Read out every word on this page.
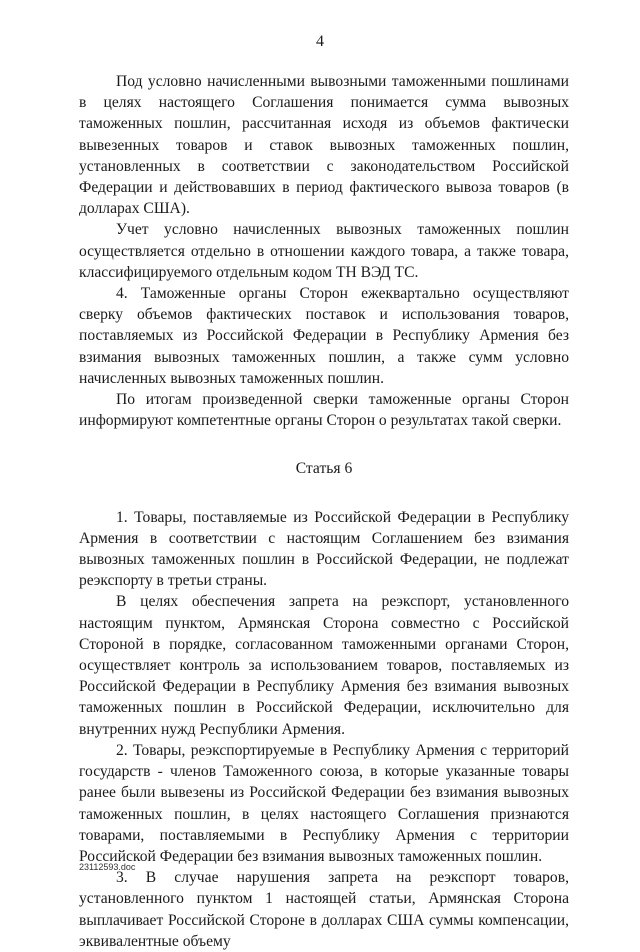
4

Под условно начисленными вывозными таможенными пошлинами в целях настоящего Соглашения понимается сумма вывозных таможенных пошлин, рассчитанная исходя из объемов фактически вывезенных товаров и ставок вывозных таможенных пошлин, установленных в соответствии с законодательством Российской Федерации и действовавших в период фактического вывоза товаров (в долларах США).

Учет условно начисленных вывозных таможенных пошлин осуществляется отдельно в отношении каждого товара, а также товара, классифицируемого отдельным кодом ТН ВЭД ТС.

4. Таможенные органы Сторон ежеквартально осуществляют сверку объемов фактических поставок и использования товаров, поставляемых из Российской Федерации в Республику Армения без взимания вывозных таможенных пошлин, а также сумм условно начисленных вывозных таможенных пошлин.

По итогам произведенной сверки таможенные органы Сторон информируют компетентные органы Сторон о результатах такой сверки.

Статья 6

1. Товары, поставляемые из Российской Федерации в Республику Армения в соответствии с настоящим Соглашением без взимания вывозных таможенных пошлин в Российской Федерации, не подлежат реэкспорту в третьи страны.

В целях обеспечения запрета на реэкспорт, установленного настоящим пунктом, Армянская Сторона совместно с Российской Стороной в порядке, согласованном таможенными органами Сторон, осуществляет контроль за использованием товаров, поставляемых из Российской Федерации в Республику Армения без взимания вывозных таможенных пошлин в Российской Федерации, исключительно для внутренних нужд Республики Армения.

2. Товары, реэкспортируемые в Республику Армения с территорий государств - членов Таможенного союза, в которые указанные товары ранее были вывезены из Российской Федерации без взимания вывозных таможенных пошлин, в целях настоящего Соглашения признаются товарами, поставляемыми в Республику Армения с территории Российской Федерации без взимания вывозных таможенных пошлин.

3. В случае нарушения запрета на реэкспорт товаров, установленного пунктом 1 настоящей статьи, Армянская Сторона выплачивает Российской Стороне в долларах США суммы компенсации, эквивалентные объему

23112593.doc
